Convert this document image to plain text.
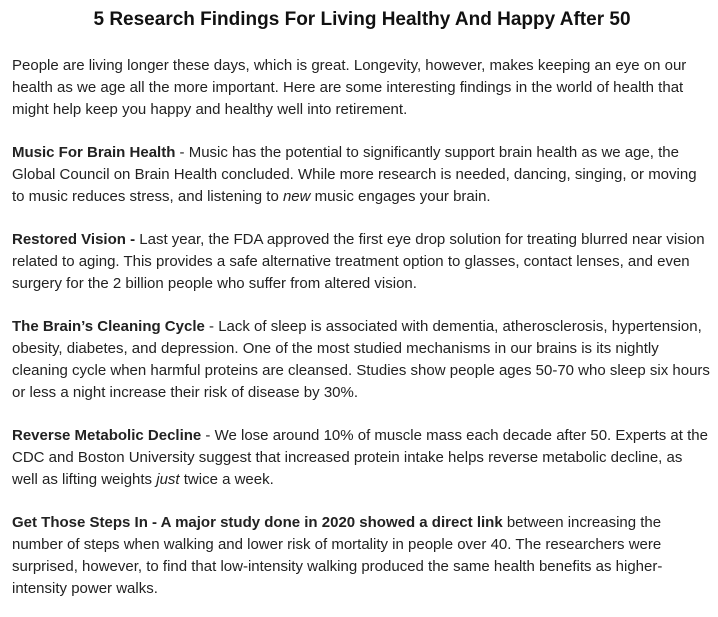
5 Research Findings For Living Healthy And Happy After 50

People are living longer these days, which is great. Longevity, however, makes keeping an eye on our health as we age all the more important. Here are some interesting findings in the world of health that might help keep you happy and healthy well into retirement.

Music For Brain Health - Music has the potential to significantly support brain health as we age, the Global Council on Brain Health concluded. While more research is needed, dancing, singing, or moving to music reduces stress, and listening to new music engages your brain.

Restored Vision - Last year, the FDA approved the first eye drop solution for treating blurred near vision related to aging. This provides a safe alternative treatment option to glasses, contact lenses, and even surgery for the 2 billion people who suffer from altered vision.

The Brain’s Cleaning Cycle - Lack of sleep is associated with dementia, atherosclerosis, hypertension, obesity, diabetes, and depression. One of the most studied mechanisms in our brains is its nightly cleaning cycle when harmful proteins are cleansed. Studies show people ages 50-70 who sleep six hours or less a night increase their risk of disease by 30%.

Reverse Metabolic Decline - We lose around 10% of muscle mass each decade after 50. Experts at the CDC and Boston University suggest that increased protein intake helps reverse metabolic decline, as well as lifting weights just twice a week.

Get Those Steps In - A major study done in 2020 showed a direct link between increasing the number of steps when walking and lower risk of mortality in people over 40. The researchers were surprised, however, to find that low-intensity walking produced the same health benefits as higher-intensity power walks.
